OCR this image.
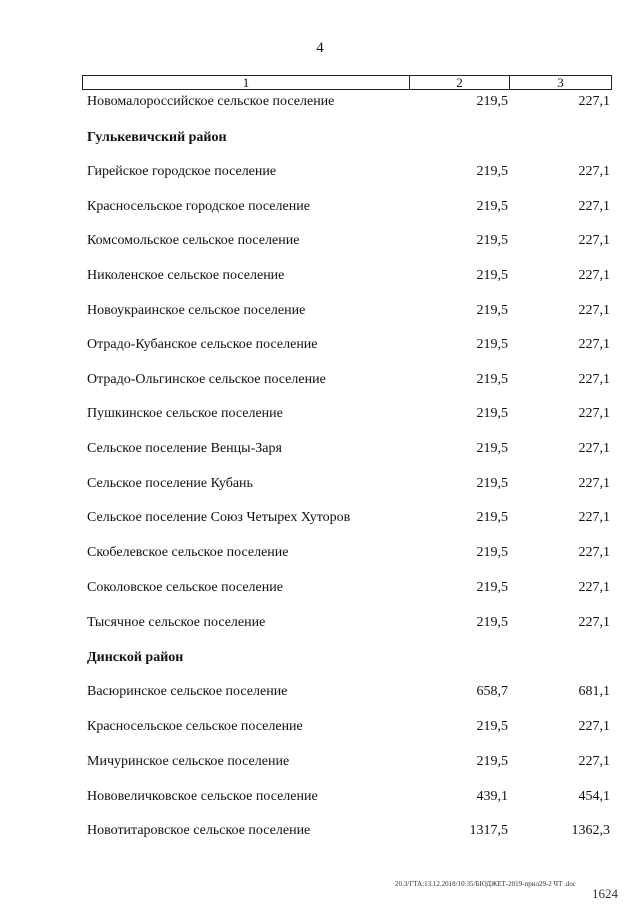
4
1	2	3
Новомалороссийское сельское поселение	219,5	227,1
Гулькевичский район
Гирейское городское поселение	219,5	227,1
Красносельское городское поселение	219,5	227,1
Комсомольское сельское поселение	219,5	227,1
Николенское сельское поселение	219,5	227,1
Новоукраинское сельское поселение	219,5	227,1
Отрадо-Кубанское сельское поселение	219,5	227,1
Отрадо-Ольгинское сельское поселение	219,5	227,1
Пушкинское сельское поселение	219,5	227,1
Сельское поселение Венцы-Заря	219,5	227,1
Сельское поселение Кубань	219,5	227,1
Сельское поселение Союз Четырех Хуторов	219,5	227,1
Скобелевское сельское поселение	219,5	227,1
Соколовское сельское поселение	219,5	227,1
Тысячное сельское поселение	219,5	227,1
Динской район
Васюринское сельское поселение	658,7	681,1
Красносельское сельское поселение	219,5	227,1
Мичуринское сельское поселение	219,5	227,1
Нововеличковское сельское поселение	439,1	454,1
Новотитаровское сельское поселение	1317,5	1362,3
20.3/ГТА:13.12.2018/10:35/БЮДЖЕТ-2019-прил29-2 ЧТ .doc
1624
